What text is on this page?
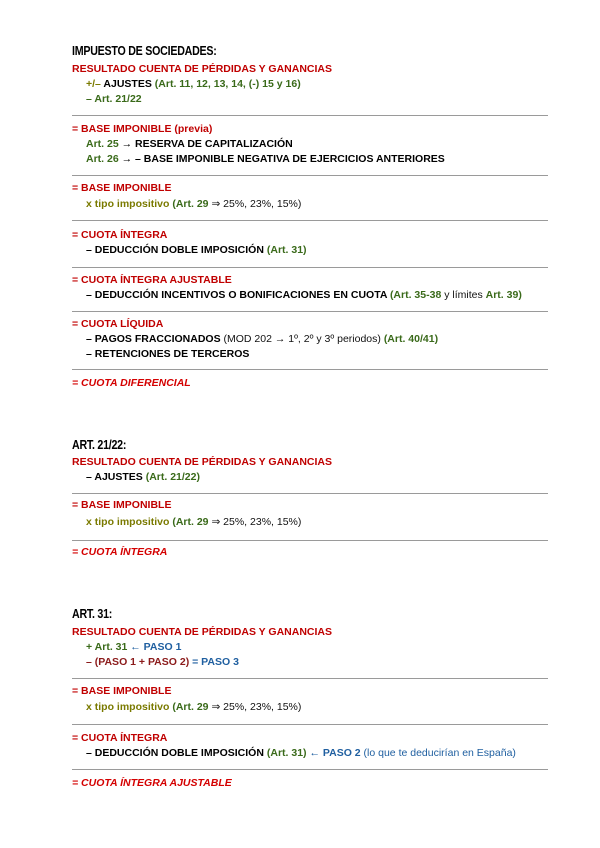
IMPUESTO DE SOCIEDADES:
RESULTADO CUENTA DE PÉRDIDAS Y GANANCIAS
+/– AJUSTES (Art. 11, 12, 13, 14, (-) 15 y 16)
– Art. 21/22
= BASE IMPONIBLE (previa)
Art. 25 → RESERVA DE CAPITALIZACIÓN
Art. 26 → – BASE IMPONIBLE NEGATIVA DE EJERCICIOS ANTERIORES
= BASE IMPONIBLE
x tipo impositivo (Art. 29 ⇒ 25%, 23%, 15%)
= CUOTA ÍNTEGRA
– DEDUCCIÓN DOBLE IMPOSICIÓN (Art. 31)
= CUOTA ÍNTEGRA AJUSTABLE
– DEDUCCIÓN INCENTIVOS O BONIFICACIONES EN CUOTA (Art. 35-38 y límites Art. 39)
= CUOTA LÍQUIDA
– PAGOS FRACCIONADOS (MOD 202 → 1º, 2º y 3º periodos) (Art. 40/41)
– RETENCIONES DE TERCEROS
= CUOTA DIFERENCIAL
ART. 21/22:
RESULTADO CUENTA DE PÉRDIDAS Y GANANCIAS
– AJUSTES (Art. 21/22)
= BASE IMPONIBLE
x tipo impositivo (Art. 29 ⇒ 25%, 23%, 15%)
= CUOTA ÍNTEGRA
ART. 31:
RESULTADO CUENTA DE PÉRDIDAS Y GANANCIAS
+ Art. 31 ← PASO 1
– (PASO 1 + PASO 2) = PASO 3
= BASE IMPONIBLE
x tipo impositivo (Art. 29 ⇒ 25%, 23%, 15%)
= CUOTA ÍNTEGRA
– DEDUCCIÓN DOBLE IMPOSICIÓN (Art. 31) ← PASO 2 (lo que te deducirían en España)
= CUOTA ÍNTEGRA AJUSTABLE
